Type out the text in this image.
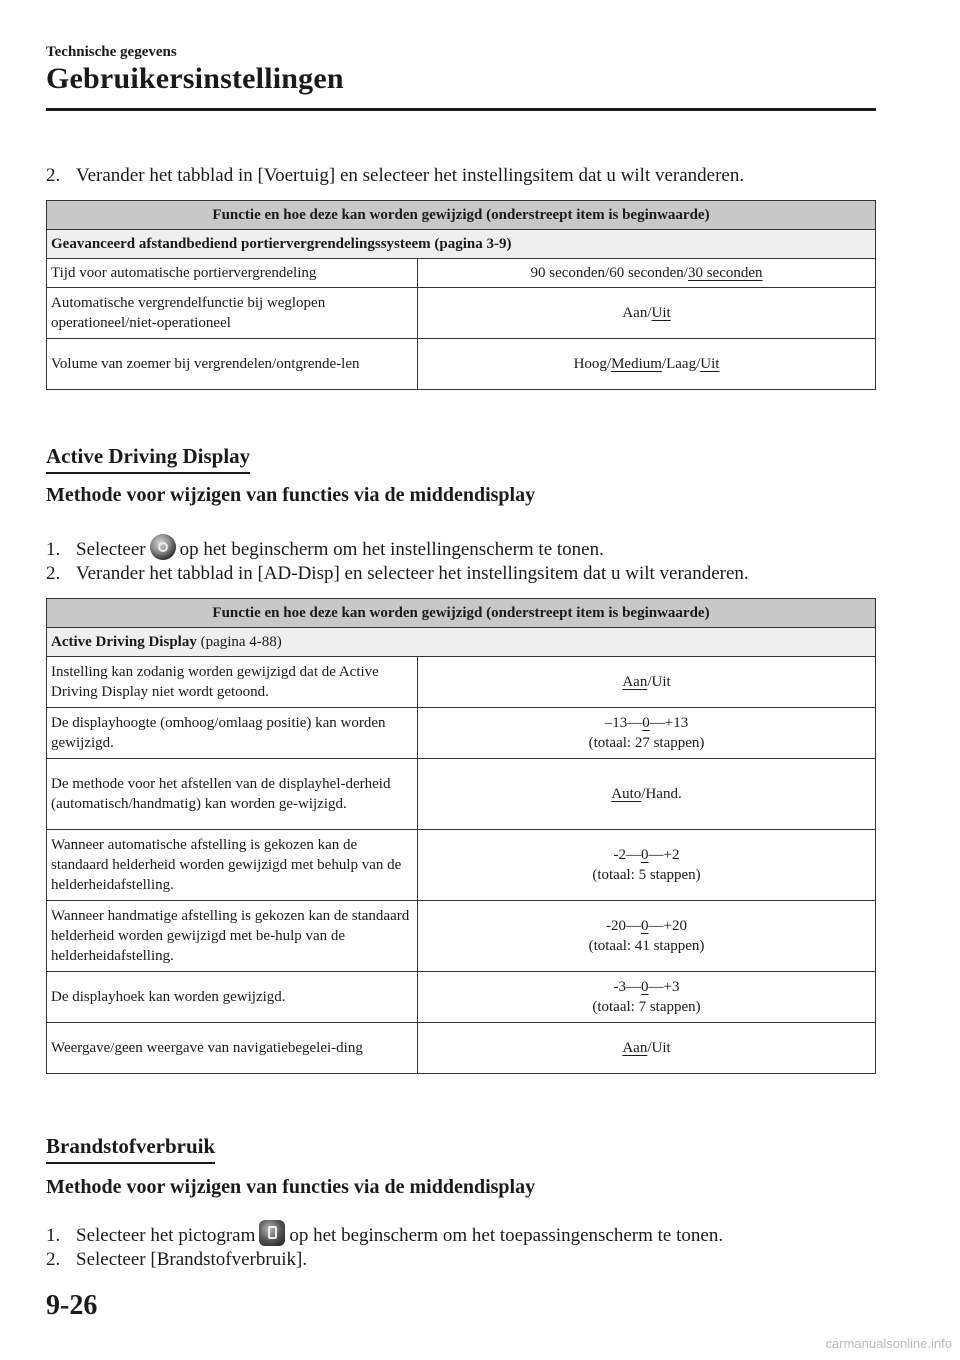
Technische gegevens
Gebruikersinstellingen
2. Verander het tabblad in [Voertuig] en selecteer het instellingsitem dat u wilt veranderen.
Functie en hoe deze kan worden gewijzigd (onderstreept item is beginwaarde)	
Geavanceerd afstandbediend portiervergrendelingssysteem (pagina 3-9)	
Tijd voor automatische portiervergrendeling	90 seconden/60 seconden/30 seconden
Automatische vergrendelfunctie bij weglopen operationeel/niet-operationeel	Aan/Uit
Volume van zoemer bij vergrendelen/ontgrende-len	Hoog/Medium/Laag/Uit
Active Driving Display
Methode voor wijzigen van functies via de middendisplay
1. Selecteer op het beginscherm om het instellingenscherm te tonen.
2. Verander het tabblad in [AD-Disp] en selecteer het instellingsitem dat u wilt veranderen.
Functie en hoe deze kan worden gewijzigd (onderstreept item is beginwaarde)	
Active Driving Display (pagina 4-88)	
Instelling kan zodanig worden gewijzigd dat de Active Driving Display niet wordt getoond.	Aan/Uit
De displayhoogte (omhoog/omlaag positie) kan worden gewijzigd.	–13—0—+13
(totaal: 27 stappen)
De methode voor het afstellen van de displayhel-derheid (automatisch/handmatig) kan worden ge-wijzigd.	Auto/Hand.
Wanneer automatische afstelling is gekozen kan de standaard helderheid worden gewijzigd met behulp van de helderheidafstelling.	-2—0—+2
(totaal: 5 stappen)
Wanneer handmatige afstelling is gekozen kan de standaard helderheid worden gewijzigd met be-hulp van de helderheidafstelling.	-20—0—+20
(totaal: 41 stappen)
De displayhoek kan worden gewijzigd.	-3—0—+3
(totaal: 7 stappen)
Weergave/geen weergave van navigatiebegelei-ding	Aan/Uit
Brandstofverbruik
Methode voor wijzigen van functies via de middendisplay
1. Selecteer het pictogram op het beginscherm om het toepassingenscherm te tonen.
2. Selecteer [Brandstofverbruik].
9-26
carmanualsonline.info
